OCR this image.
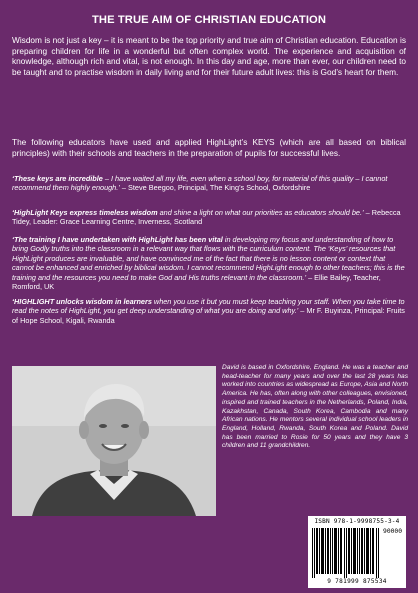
THE TRUE AIM OF CHRISTIAN EDUCATION

Wisdom is not just a key – it is meant to be the top priority and true aim of Christian education. Education is preparing children for life in a wonderful but often complex world. The experience and acquisition of knowledge, although rich and vital, is not enough. In this day and age, more than ever, our children need to be taught and to practise wisdom in daily living and for their future adult lives: this is God’s heart for them.

The following educators have used and applied HighLight’s KEYS (which are all based on biblical principles) with their schools and teachers in the preparation of pupils for successful lives.

‘These keys are incredible – I have waited all my life, even when a school boy, for material of this quality – I cannot recommend them highly enough.’ – Steve Beegoo, Principal, The King’s School, Oxfordshire

‘HighLight Keys express timeless wisdom and shine a light on what our priorities as educators should be.’ – Rebecca Tidey, Leader: Grace Learning Centre, Inverness, Scotland

‘The training I have undertaken with HighLight has been vital in developing my focus and understanding of how to bring Godly truths into the classroom in a relevant way that flows with the curriculum content. The ‘Keys’ resources that HighLight produces are invaluable, and have convinced me of the fact that there is no lesson content or context that cannot be enhanced and enriched by biblical wisdom. I cannot recommend HighLight enough to other teachers; this is the training and the resources you need to make God and His truths relevant in the classroom.’ – Ellie Bailey, Teacher, Romford, UK

‘HIGHLIGHT unlocks wisdom in learners when you use it but you must keep teaching your staff. When you take time to read the notes of HighLight, you get deep understanding of what you are doing and why.’ – Mr F. Buyinza, Principal: Fruits of Hope School, Kigali, Rwanda

David is based in Oxfordshire, England. He was a teacher and head-teacher for many years and over the last 28 years has worked into countries as widespread as Europe, Asia and North America. He has, often along with other colleagues, envisioned, inspired and trained teachers in the Netherlands, Poland, India, Kazakhstan, Canada, South Korea, Cambodia and many African nations. He mentors several individual school leaders in England, Holland, Rwanda, South Korea and Poland. David has been married to Rosie for 50 years and they have 3 children and 11 grandchildren.

ISBN 978-1-9998755-3-4
90000
9 781999 875534
